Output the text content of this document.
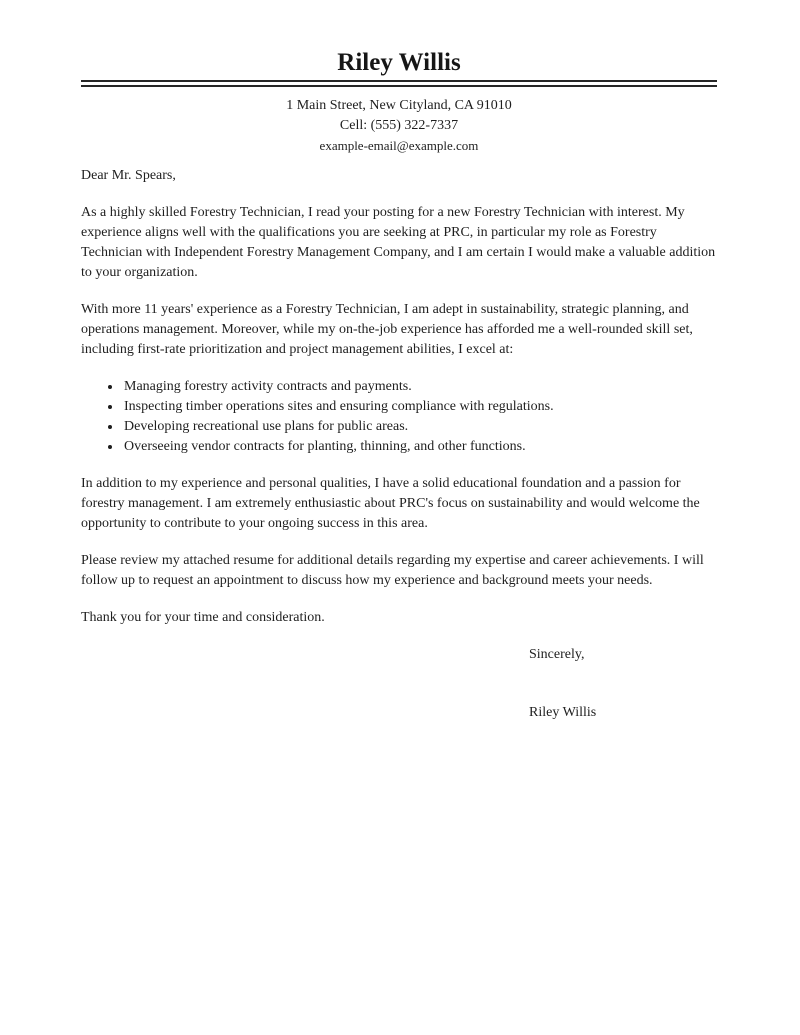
Riley Willis
1 Main Street, New Cityland, CA 91010
Cell: (555) 322-7337
example-email@example.com

Dear Mr. Spears,

As a highly skilled Forestry Technician, I read your posting for a new Forestry Technician with interest. My experience aligns well with the qualifications you are seeking at PRC, in particular my role as Forestry Technician with Independent Forestry Management Company, and I am certain I would make a valuable addition to your organization.

With more 11 years' experience as a Forestry Technician, I am adept in sustainability, strategic planning, and operations management. Moreover, while my on-the-job experience has afforded me a well-rounded skill set, including first-rate prioritization and project management abilities, I excel at:

• Managing forestry activity contracts and payments.
• Inspecting timber operations sites and ensuring compliance with regulations.
• Developing recreational use plans for public areas.
• Overseeing vendor contracts for planting, thinning, and other functions.

In addition to my experience and personal qualities, I have a solid educational foundation and a passion for forestry management. I am extremely enthusiastic about PRC's focus on sustainability and would welcome the opportunity to contribute to your ongoing success in this area.

Please review my attached resume for additional details regarding my expertise and career achievements. I will follow up to request an appointment to discuss how my experience and background meets your needs.

Thank you for your time and consideration.

Sincerely,

Riley Willis
